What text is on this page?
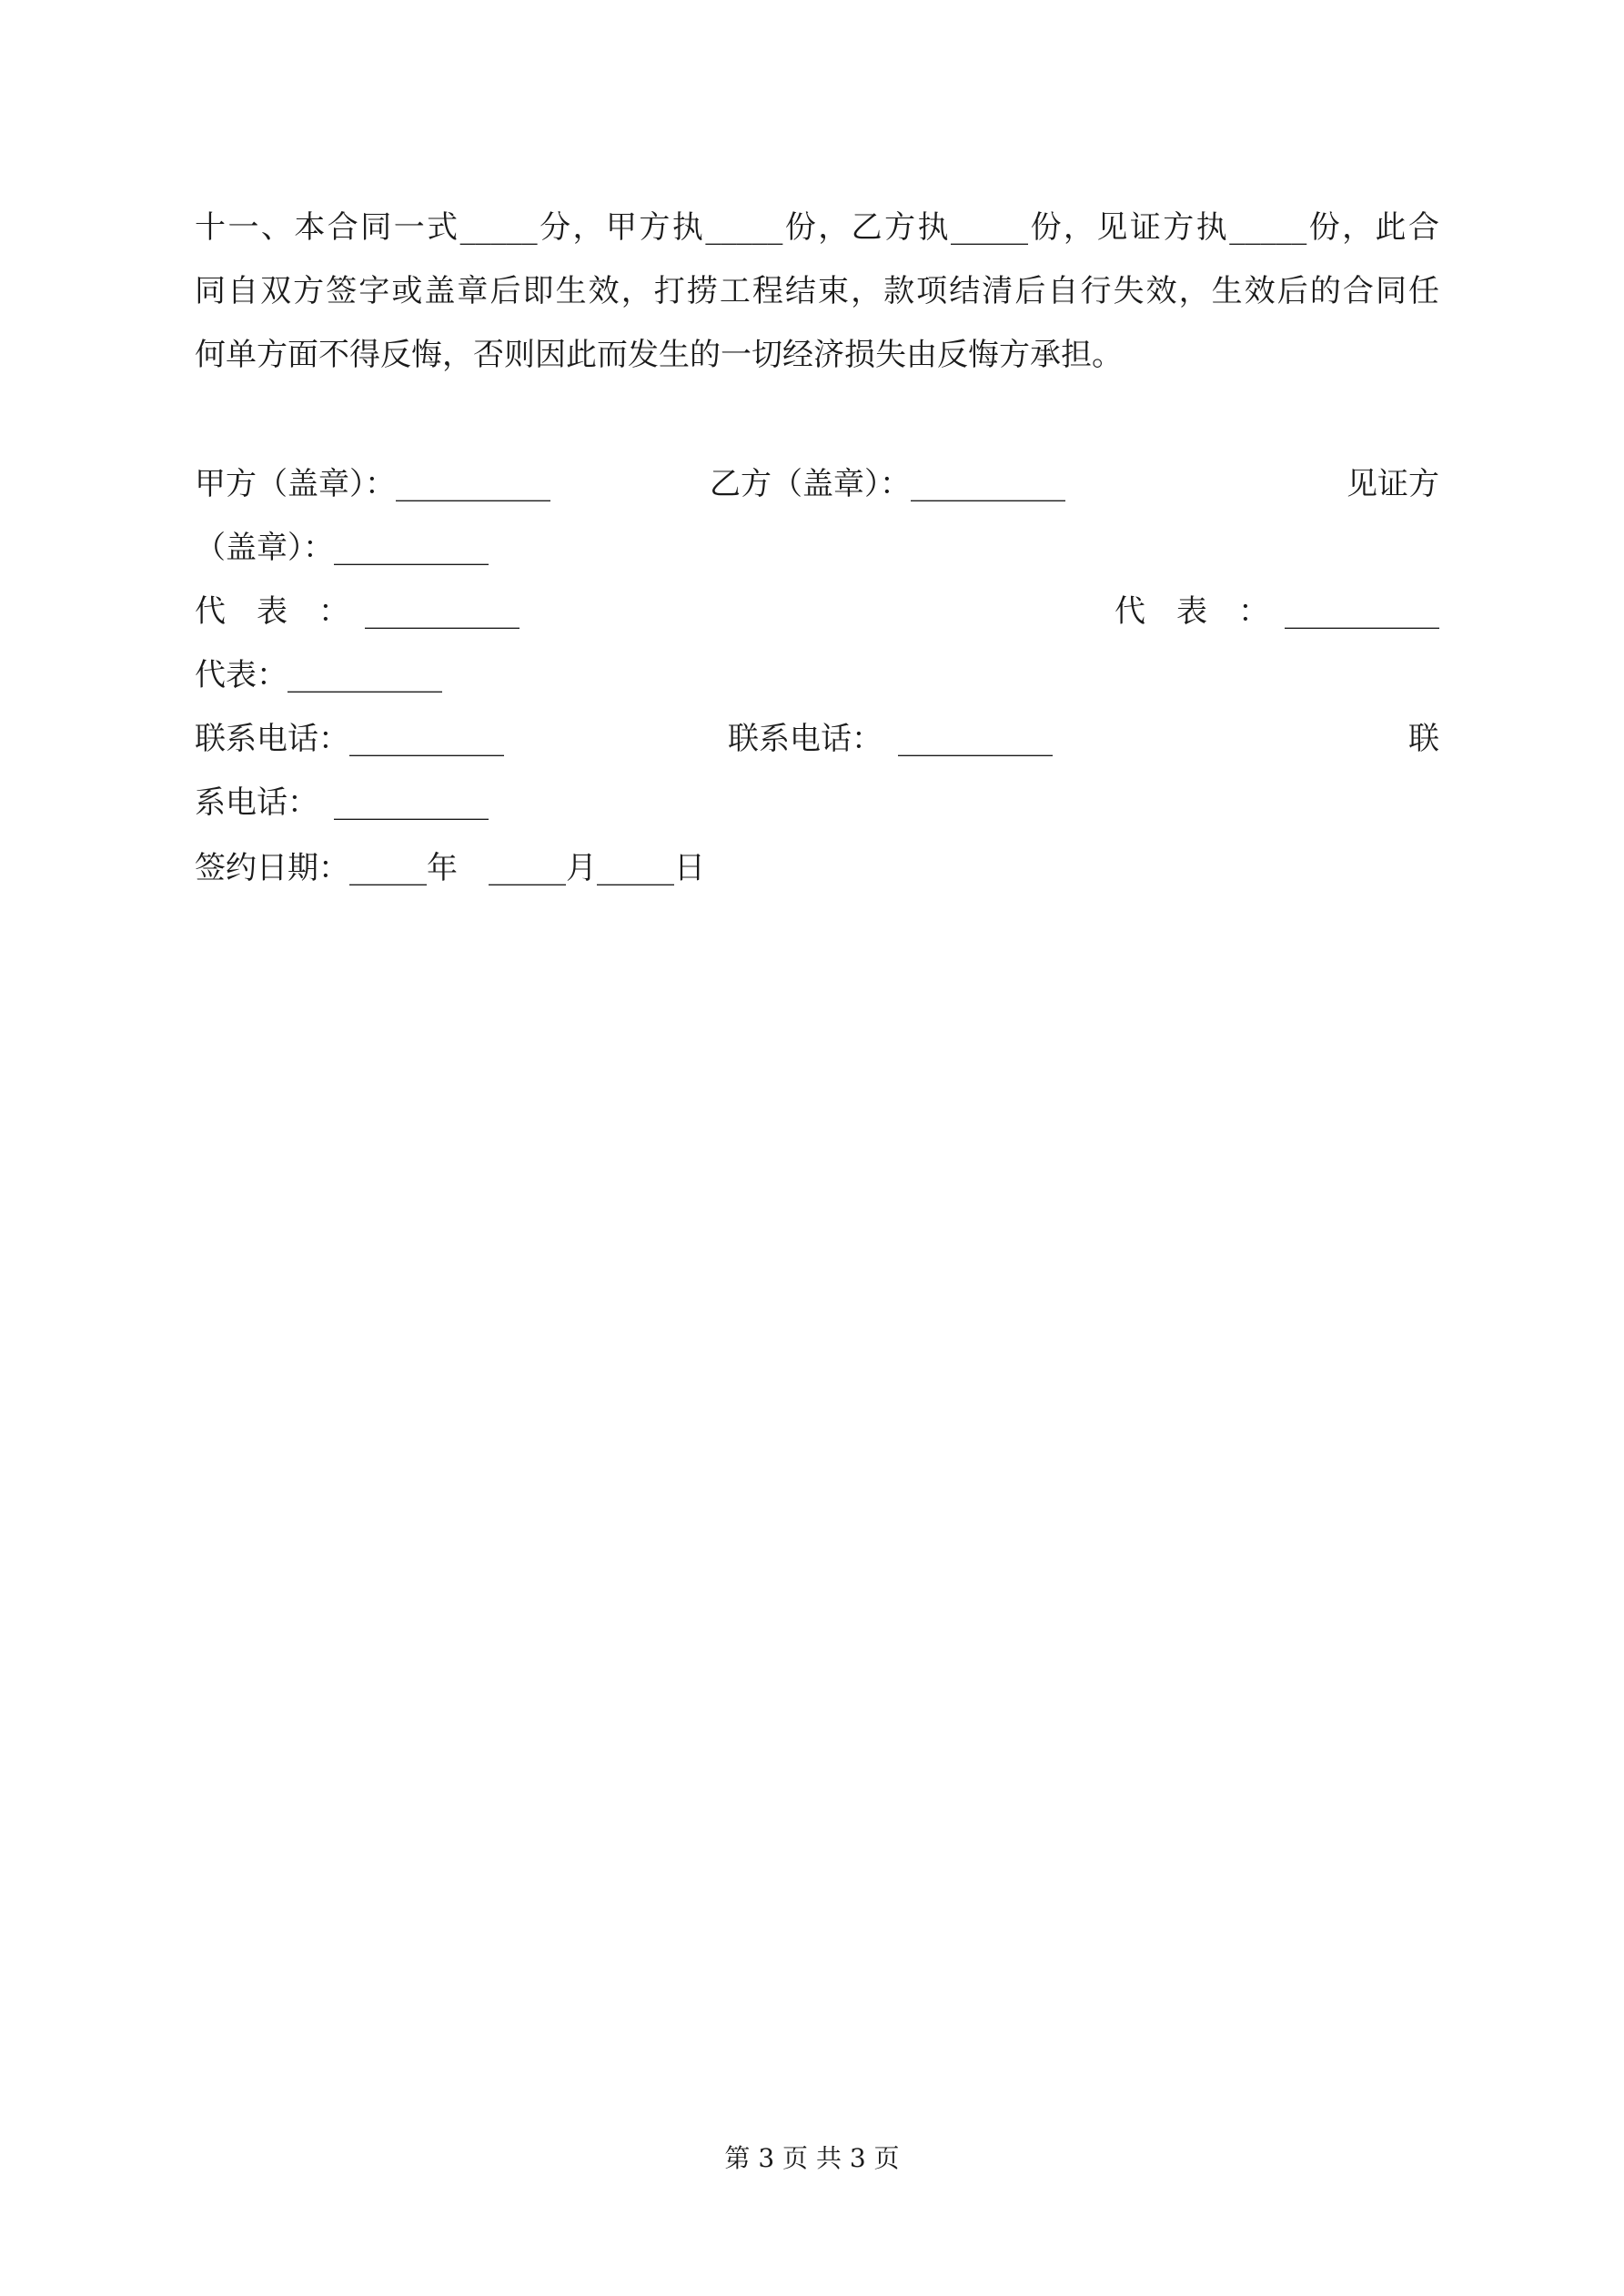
十一、本合同一式_____分，甲方执_____份，乙方执_____份，见证方执_____份，此合

同自双方签字或盖章后即生效，打捞工程结束，款项结清后自行失效，生效后的合同任

何单方面不得反悔，否则因此而发生的一切经济损失由反悔方承担。

甲方（盖章）：__________	乙方（盖章）：__________	见证方

（盖章）：__________

代　表　：　__________	代　表　：　__________

代表：__________

联系电话：__________	联系电话：　__________	联

系电话：　__________

签约日期：_____年　_____月_____日

第 3 页 共 3 页
